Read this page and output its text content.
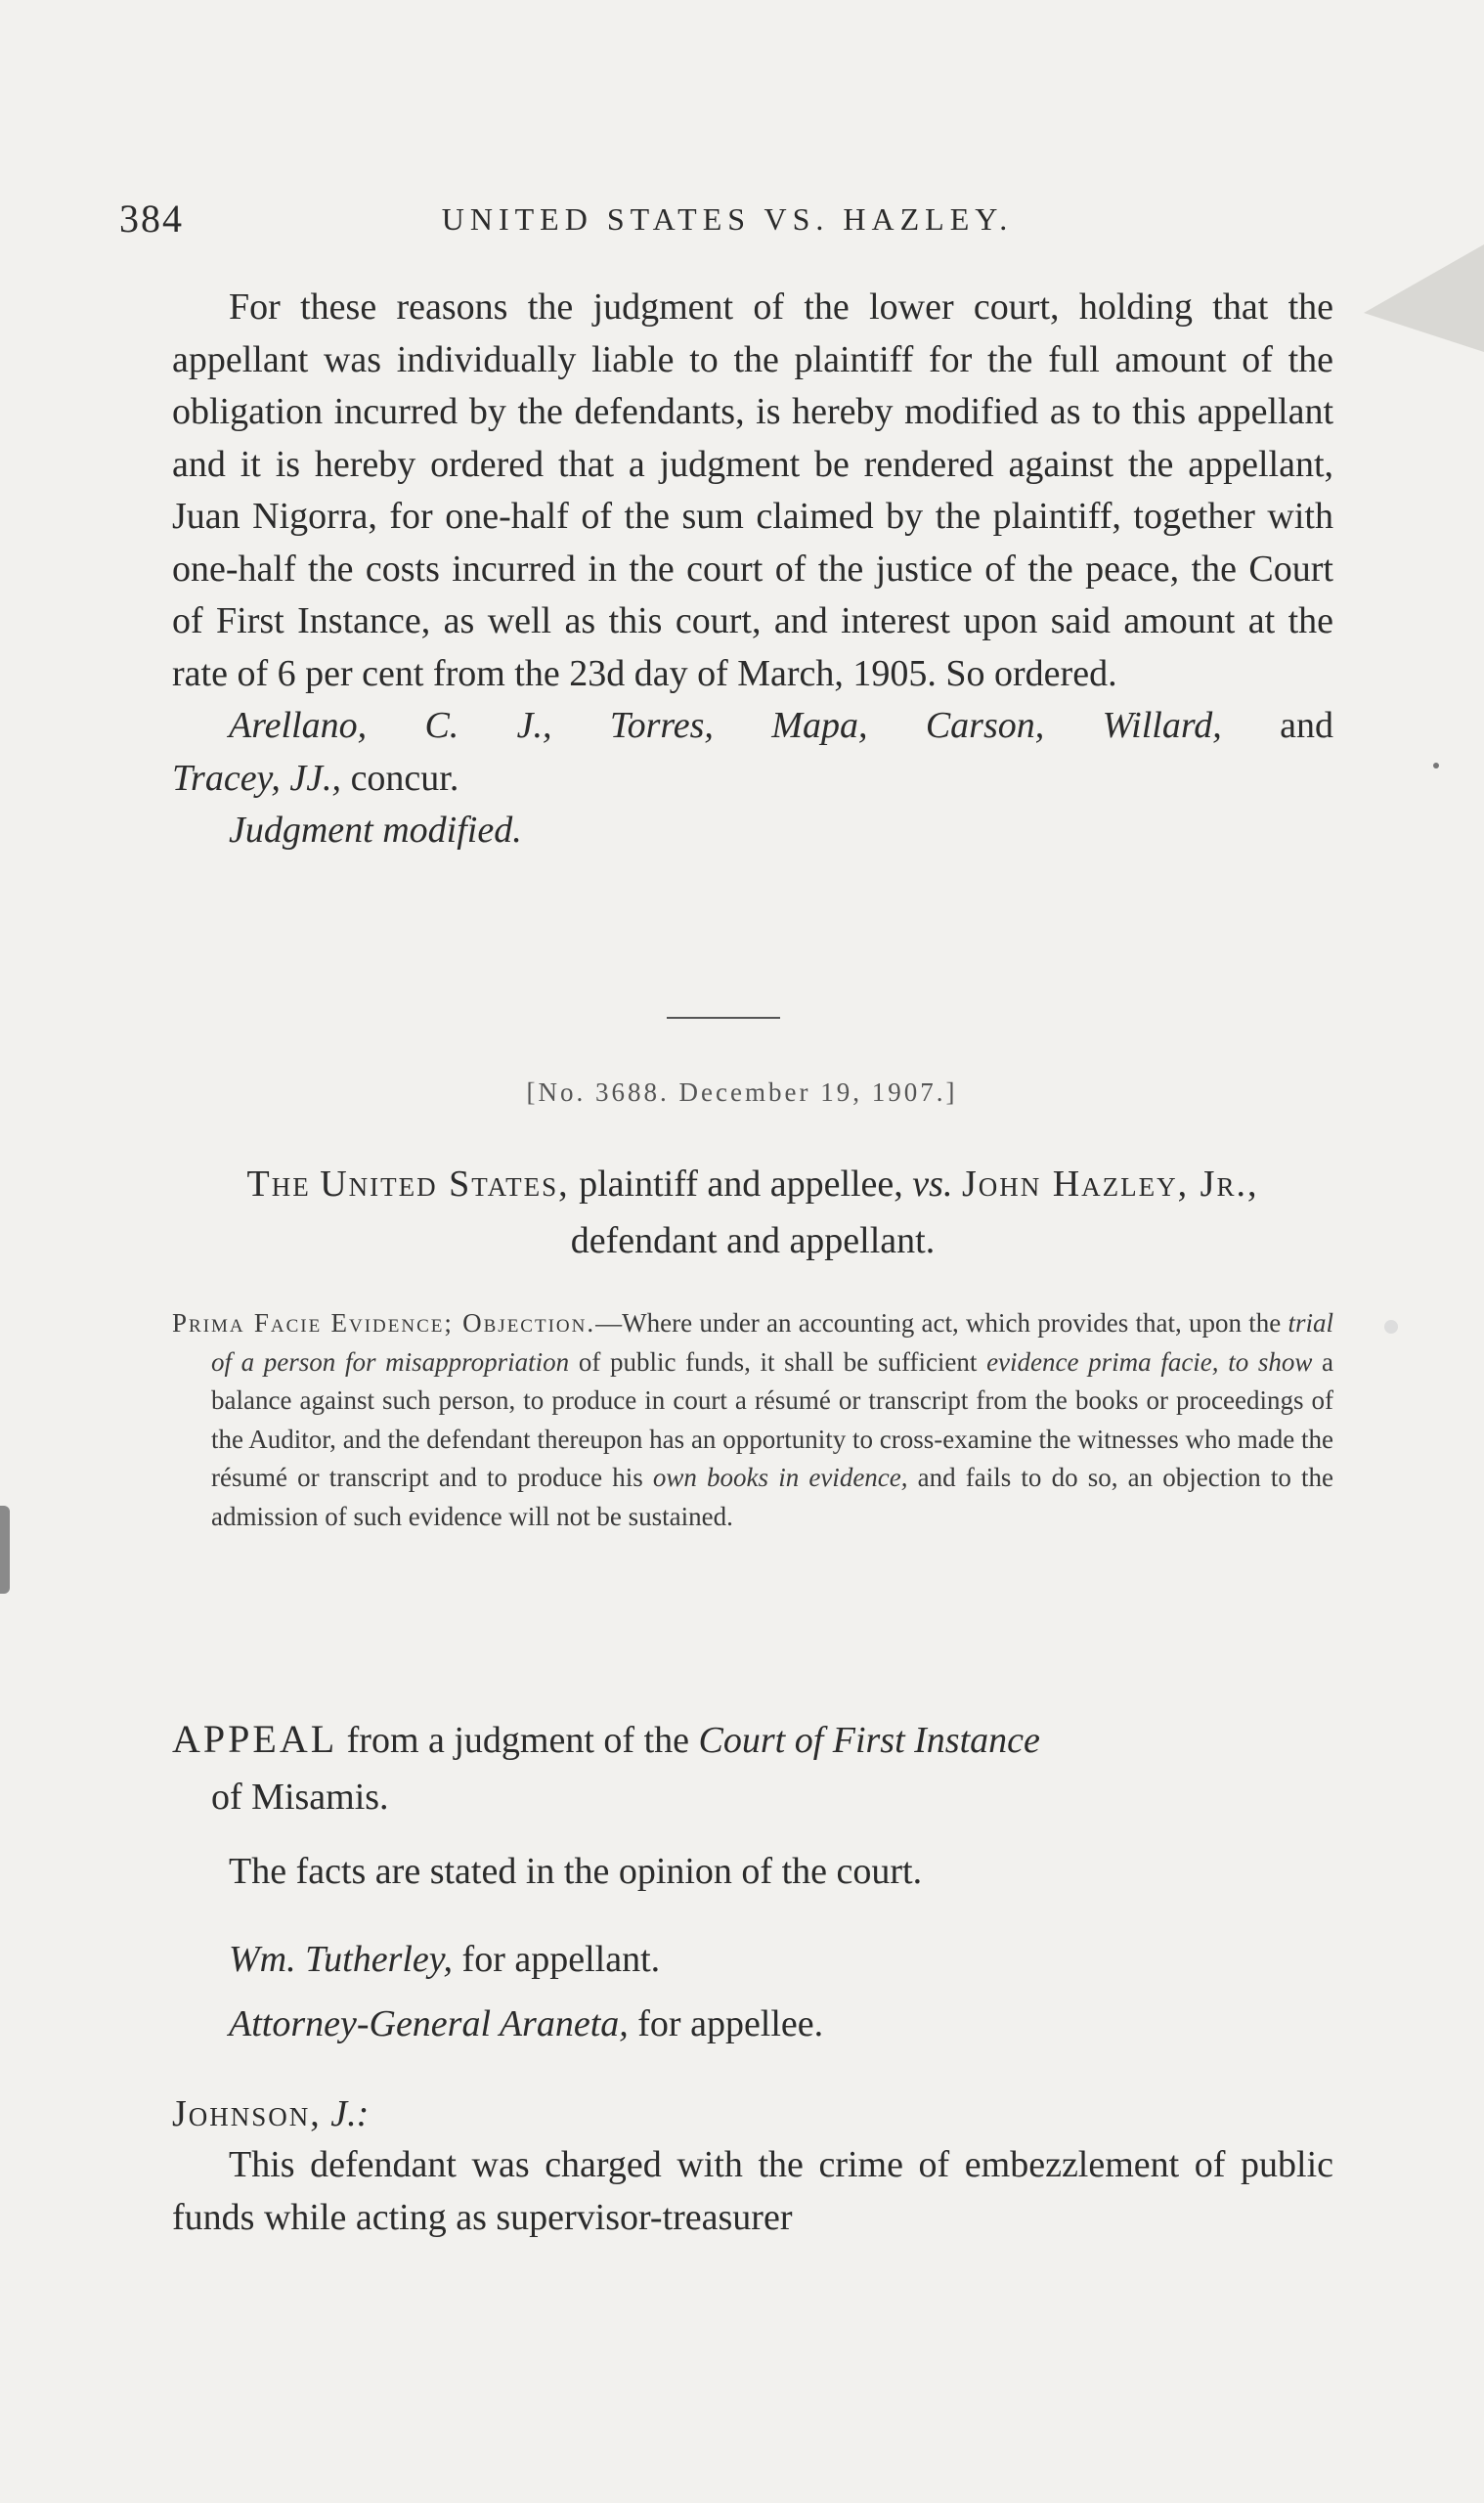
384	UNITED STATES VS. HAZLEY.

For these reasons the judgment of the lower court, holding that the appellant was individually liable to the plaintiff for the full amount of the obligation incurred by the defendants, is hereby modified as to this appellant and it is hereby ordered that a judgment be rendered against the appellant, Juan Nigorra, for one-half of the sum claimed by the plaintiff, together with one-half the costs incurred in the court of the justice of the peace, the Court of First Instance, as well as this court, and interest upon said amount at the rate of 6 per cent from the 23d day of March, 1905. So ordered.

Arellano, C. J., Torres, Mapa, Carson, Willard, and

Tracey, JJ., concur.

Judgment modified.

[No. 3688. December 19, 1907.]
The United States, plaintiff and appellee, vs. John Hazley, Jr., defendant and appellant.

Prima Facie Evidence; Objection.—Where under an accounting act, which provides that, upon the trial of a person for misappropriation of public funds, it shall be sufficient evidence prima facie, to show a balance against such person, to produce in court a résumé or transcript from the books or proceedings of the Auditor, and the defendant thereupon has an opportunity to cross-examine the witnesses who made the résumé or transcript and to produce his own books in evidence, and fails to do so, an objection to the admission of such evidence will not be sustained.

APPEAL from a judgment of the Court of First Instance
of Misamis.

The facts are stated in the opinion of the court.

Wm. Tutherley, for appellant.

Attorney-General Araneta, for appellee.

Johnson, J.:

This defendant was charged with the crime of embezzlement of public funds while acting as supervisor-treasurer
